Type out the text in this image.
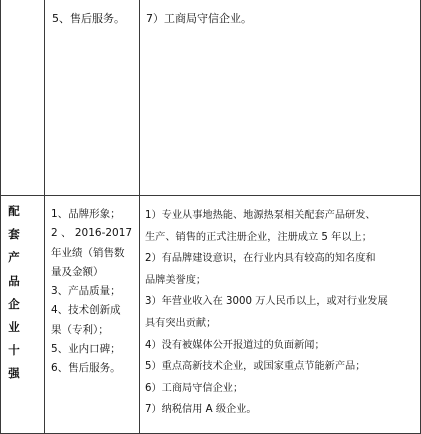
5、售后服务。	7）工商局守信企业。

配
套
产
品
企
业
十
强

1、品牌形象；

2 、 2016-2017

年业绩（销售数

量及金额）

3、产品质量；

4、技术创新成

果（专利）；

5、业内口碑；

6、售后服务。

1）专业从事地热能、地源热泵相关配套产品研发、

生产、销售的正式注册企业，注册成立 5 年以上；

2）有品牌建设意识，在行业内具有较高的知名度和

品牌美誉度；

3）年营业收入在 3000 万人民币以上，或对行业发展

具有突出贡献；

4）没有被媒体公开报道过的负面新闻；

5）重点高新技术企业，或国家重点节能新产品；

6）工商局守信企业；

7）纳税信用 A 级企业。
